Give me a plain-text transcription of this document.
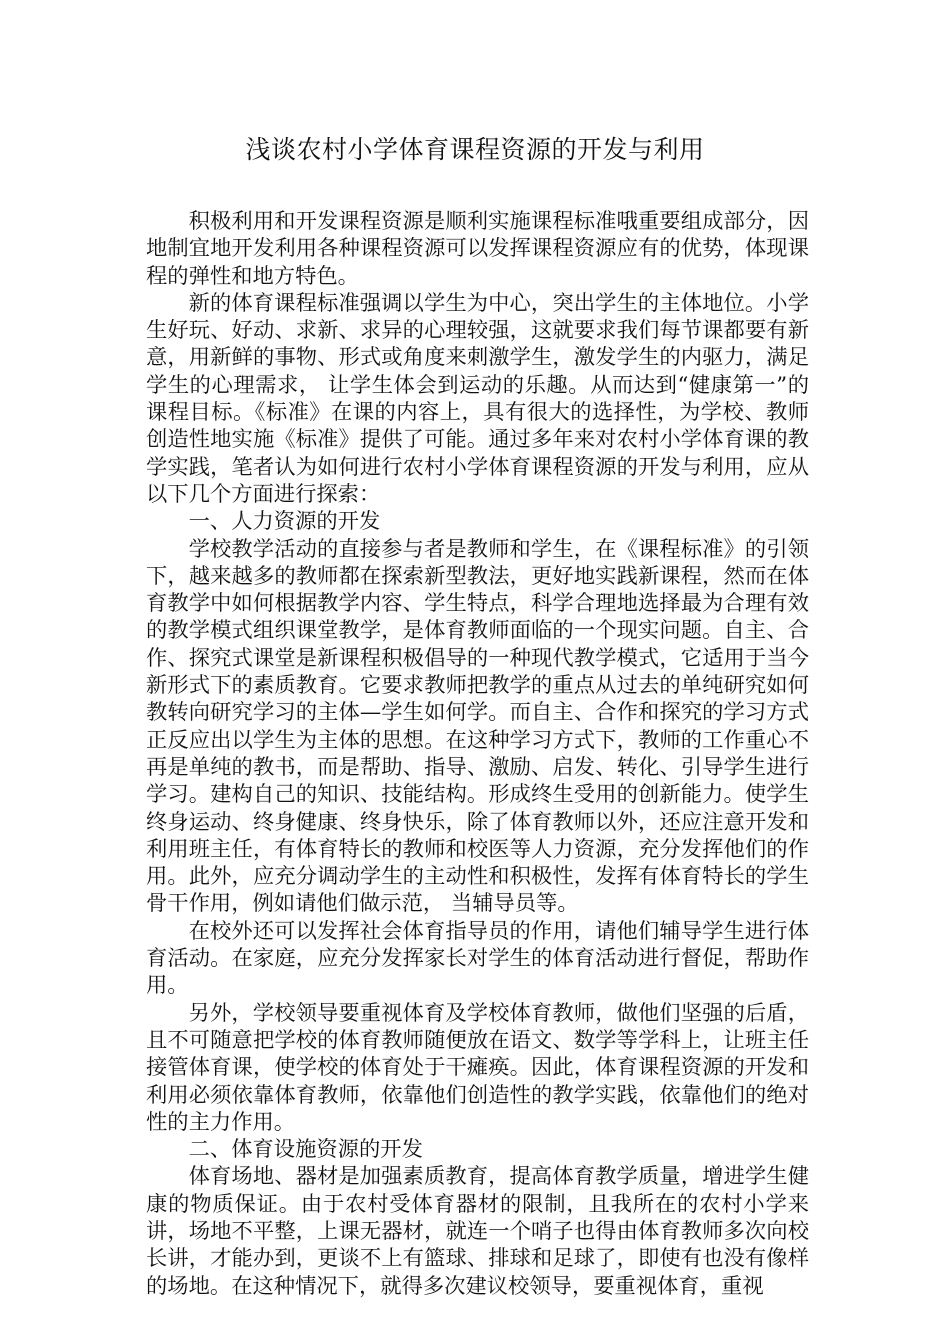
浅谈农村小学体育课程资源的开发与利用

积极利用和开发课程资源是顺利实施课程标准哦重要组成部分，因地制宜地开发利用各种课程资源可以发挥课程资源应有的优势，体现课程的弹性和地方特色。

新的体育课程标准强调以学生为中心，突出学生的主体地位。小学生好玩、好动、求新、求异的心理较强，这就要求我们每节课都要有新意，用新鲜的事物、形式或角度来刺激学生，激发学生的内驱力，满足学生的心理需求， 让学生体会到运动的乐趣。从而达到“健康第一”的课程目标。《标准》在课的内容上，具有很大的选择性，为学校、教师创造性地实施《标准》提供了可能。通过多年来对农村小学体育课的教学实践，笔者认为如何进行农村小学体育课程资源的开发与利用，应从以下几个方面进行探索：

一、人力资源的开发

学校教学活动的直接参与者是教师和学生，在《课程标准》的引领下，越来越多的教师都在探索新型教法，更好地实践新课程，然而在体育教学中如何根据教学内容、学生特点，科学合理地选择最为合理有效的教学模式组织课堂教学，是体育教师面临的一个现实问题。自主、合作、探究式课堂是新课程积极倡导的一种现代教学模式，它适用于当今新形式下的素质教育。它要求教师把教学的重点从过去的单纯研究如何教转向研究学习的主体—学生如何学。而自主、合作和探究的学习方式正反应出以学生为主体的思想。在这种学习方式下，教师的工作重心不再是单纯的教书，而是帮助、指导、激励、启发、转化、引导学生进行学习。建构自己的知识、技能结构。形成终生受用的创新能力。使学生终身运动、终身健康、终身快乐，除了体育教师以外，还应注意开发和利用班主任，有体育特长的教师和校医等人力资源，充分发挥他们的作用。此外，应充分调动学生的主动性和积极性，发挥有体育特长的学生骨干作用，例如请他们做示范， 当辅导员等。

在校外还可以发挥社会体育指导员的作用，请他们辅导学生进行体育活动。在家庭，应充分发挥家长对学生的体育活动进行督促，帮助作用。

另外，学校领导要重视体育及学校体育教师，做他们坚强的后盾，且不可随意把学校的体育教师随便放在语文、数学等学科上，让班主任接管体育课，使学校的体育处于干瘫痪。因此，体育课程资源的开发和利用必须依靠体育教师，依靠他们创造性的教学实践，依靠他们的绝对性的主力作用。

二、体育设施资源的开发

体育场地、器材是加强素质教育，提高体育教学质量，增进学生健康的物质保证。由于农村受体育器材的限制，且我所在的农村小学来讲，场地不平整，上课无器材，就连一个哨子也得由体育教师多次向校长讲，才能办到，更谈不上有篮球、排球和足球了，即使有也没有像样的场地。在这种情况下，就得多次建议校领导，要重视体育，重视
